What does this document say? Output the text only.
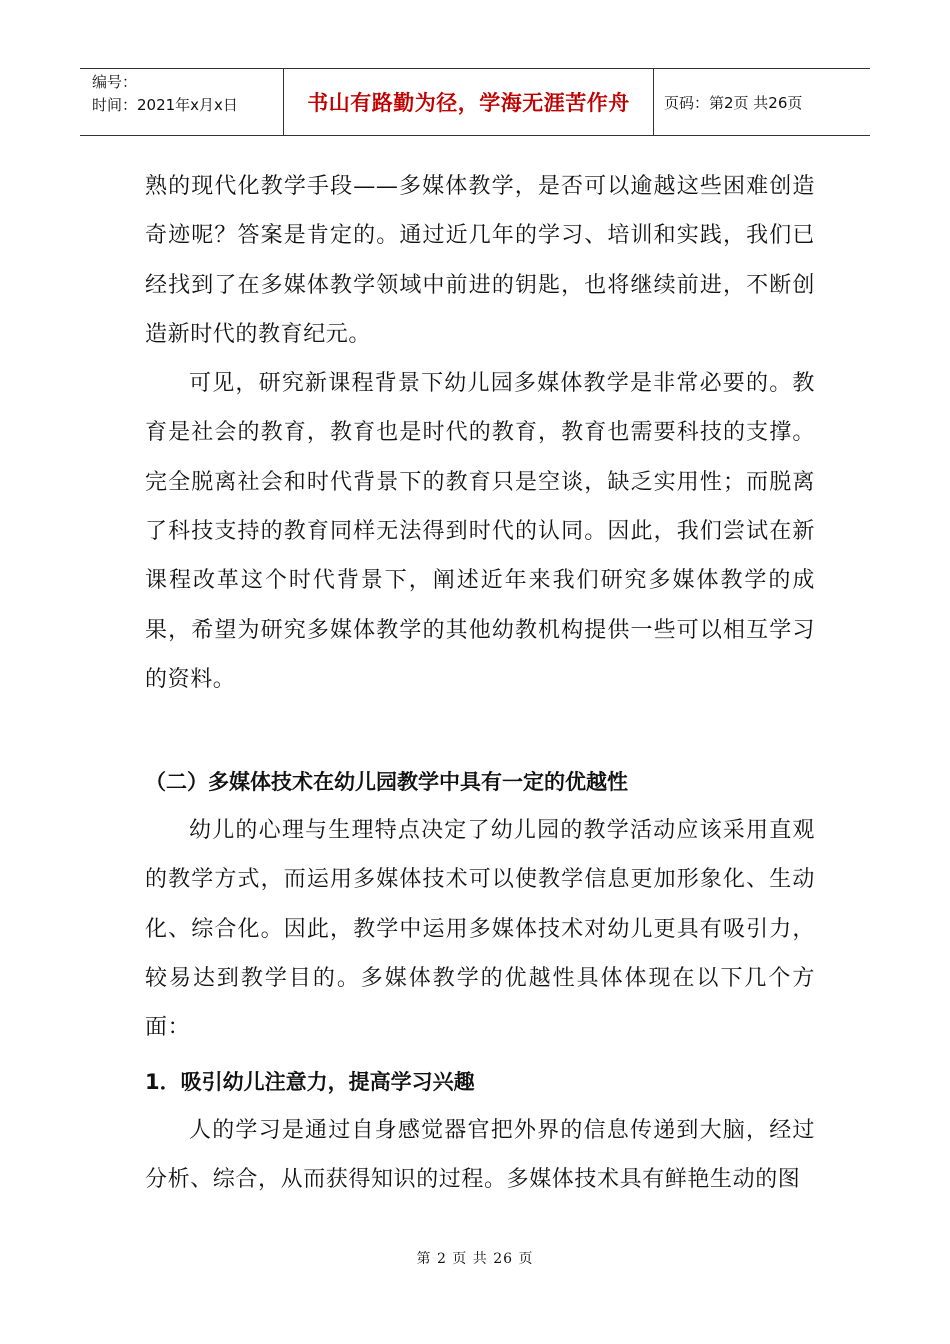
编号：
时间：2021年x月x日	书山有路勤为径，学海无涯苦作舟	页码：第2页 共26页

熟的现代化教学手段——多媒体教学，是否可以逾越这些困难创造奇迹呢？答案是肯定的。通过近几年的学习、培训和实践，我们已经找到了在多媒体教学领域中前进的钥匙，也将继续前进，不断创造新时代的教育纪元。

可见，研究新课程背景下幼儿园多媒体教学是非常必要的。教育是社会的教育，教育也是时代的教育，教育也需要科技的支撑。完全脱离社会和时代背景下的教育只是空谈，缺乏实用性；而脱离了科技支持的教育同样无法得到时代的认同。因此，我们尝试在新课程改革这个时代背景下，阐述近年来我们研究多媒体教学的成果，希望为研究多媒体教学的其他幼教机构提供一些可以相互学习的资料。

（二）多媒体技术在幼儿园教学中具有一定的优越性

幼儿的心理与生理特点决定了幼儿园的教学活动应该采用直观的教学方式，而运用多媒体技术可以使教学信息更加形象化、生动化、综合化。因此，教学中运用多媒体技术对幼儿更具有吸引力，较易达到教学目的。多媒体教学的优越性具体体现在以下几个方面：

1．吸引幼儿注意力，提高学习兴趣

人的学习是通过自身感觉器官把外界的信息传递到大脑，经过分析、综合，从而获得知识的过程。多媒体技术具有鲜艳生动的图

第 2 页 共 26 页
